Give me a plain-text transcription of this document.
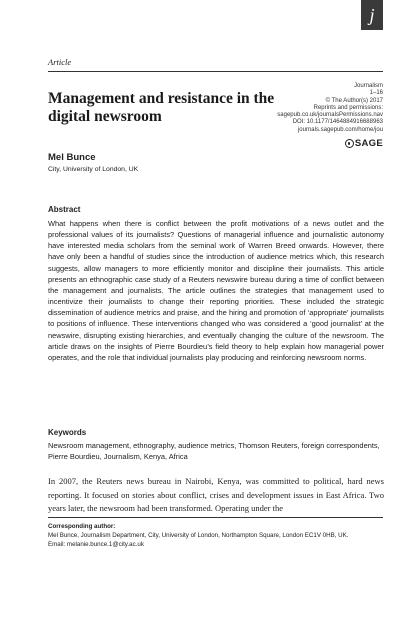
j
Article
Management and resistance in the digital newsroom
Journalism
1–16
© The Author(s) 2017
Reprints and permissions:
sagepub.co.uk/journalsPermissions.nav
DOI: 10.1177/1464884916688963
journals.sagepub.com/home/jou
SAGE
Mel Bunce
City, University of London, UK
Abstract
What happens when there is conflict between the profit motivations of a news outlet and the professional values of its journalists? Questions of managerial influence and journalistic autonomy have interested media scholars from the seminal work of Warren Breed onwards. However, there have only been a handful of studies since the introduction of audience metrics which, this research suggests, allow managers to more efficiently monitor and discipline their journalists. This article presents an ethnographic case study of a Reuters newswire bureau during a time of conflict between the management and journalists. The article outlines the strategies that management used to incentivize their journalists to change their reporting priorities. These included the strategic dissemination of audience metrics and praise, and the hiring and promotion of ‘appropriate’ journalists to positions of influence. These interventions changed who was considered a ‘good journalist’ at the newswire, disrupting existing hierarchies, and eventually changing the culture of the newsroom. The article draws on the insights of Pierre Bourdieu’s field theory to help explain how managerial power operates, and the role that individual journalists play producing and reinforcing newsroom norms.
Keywords
Newsroom management, ethnography, audience metrics, Thomson Reuters, foreign correspondents, Pierre Bourdieu, Journalism, Kenya, Africa
In 2007, the Reuters news bureau in Nairobi, Kenya, was committed to political, hard news reporting. It focused on stories about conflict, crises and development issues in East Africa. Two years later, the newsroom had been transformed. Operating under the
Corresponding author:
Mel Bunce, Journalism Department, City, University of London, Northampton Square, London EC1V 0HB, UK.
Email: melanie.bunce.1@city.ac.uk
